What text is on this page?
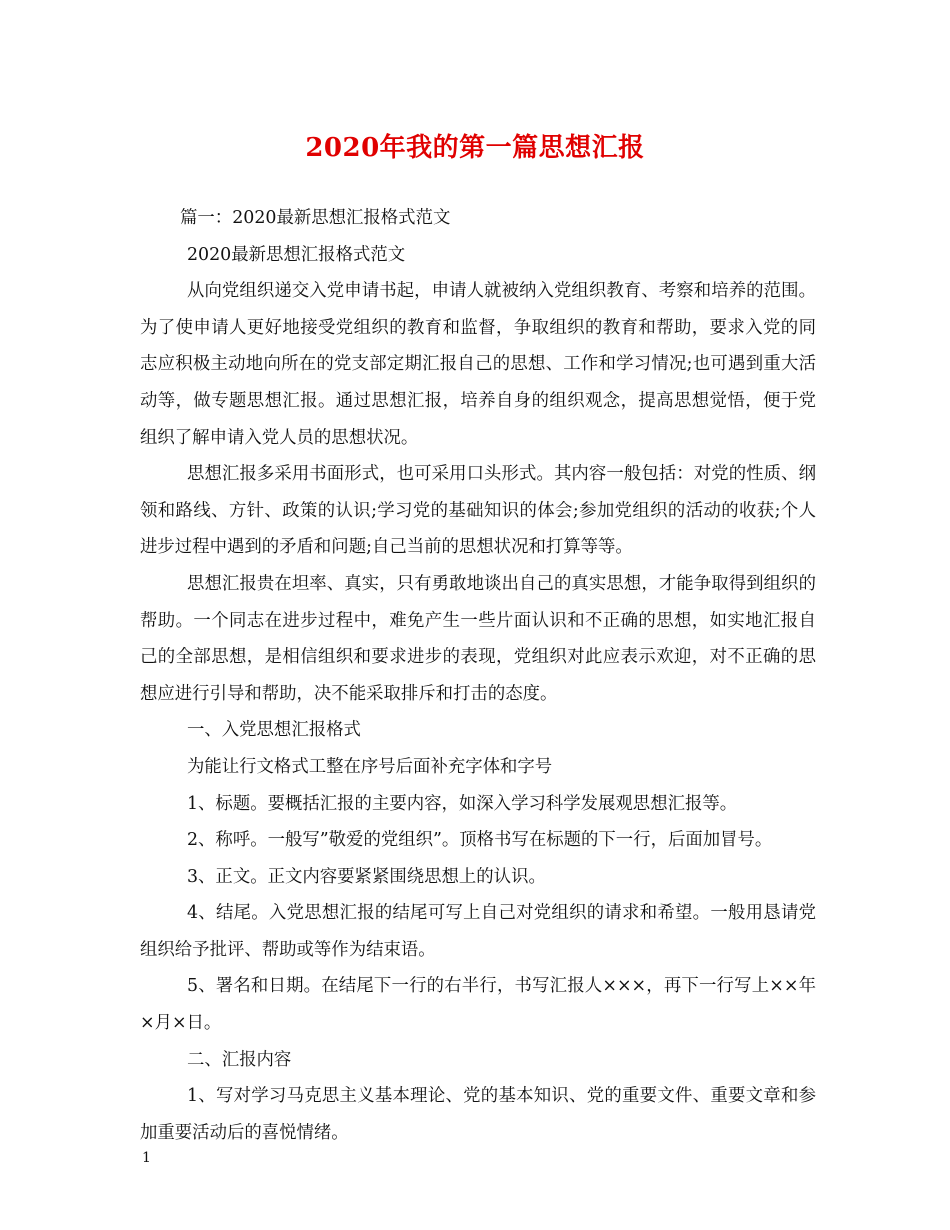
2020年我的第一篇思想汇报

篇一：2020最新思想汇报格式范文

2020最新思想汇报格式范文

从向党组织递交入党申请书起，申请人就被纳入党组织教育、考察和培养的范围。为了使申请人更好地接受党组织的教育和监督，争取组织的教育和帮助，要求入党的同志应积极主动地向所在的党支部定期汇报自己的思想、工作和学习情况;也可遇到重大活动等，做专题思想汇报。通过思想汇报，培养自身的组织观念，提高思想觉悟，便于党组织了解申请入党人员的思想状况。

思想汇报多采用书面形式，也可采用口头形式。其内容一般包括：对党的性质、纲领和路线、方针、政策的认识;学习党的基础知识的体会;参加党组织的活动的收获;个人进步过程中遇到的矛盾和问题;自己当前的思想状况和打算等等。

思想汇报贵在坦率、真实，只有勇敢地谈出自己的真实思想，才能争取得到组织的帮助。一个同志在进步过程中，难免产生一些片面认识和不正确的思想，如实地汇报自己的全部思想，是相信组织和要求进步的表现，党组织对此应表示欢迎，对不正确的思想应进行引导和帮助，决不能采取排斥和打击的态度。

一、入党思想汇报格式

为能让行文格式工整在序号后面补充字体和字号

1、标题。要概括汇报的主要内容，如深入学习科学发展观思想汇报等。

2、称呼。一般写”敬爱的党组织”。顶格书写在标题的下一行，后面加冒号。

3、正文。正文内容要紧紧围绕思想上的认识。

4、结尾。入党思想汇报的结尾可写上自己对党组织的请求和希望。一般用恳请党组织给予批评、帮助或等作为结束语。

5、署名和日期。在结尾下一行的右半行，书写汇报人×××，再下一行写上××年×月×日。

二、汇报内容

1、写对学习马克思主义基本理论、党的基本知识、党的重要文件、重要文章和参加重要活动后的喜悦情绪。

1
